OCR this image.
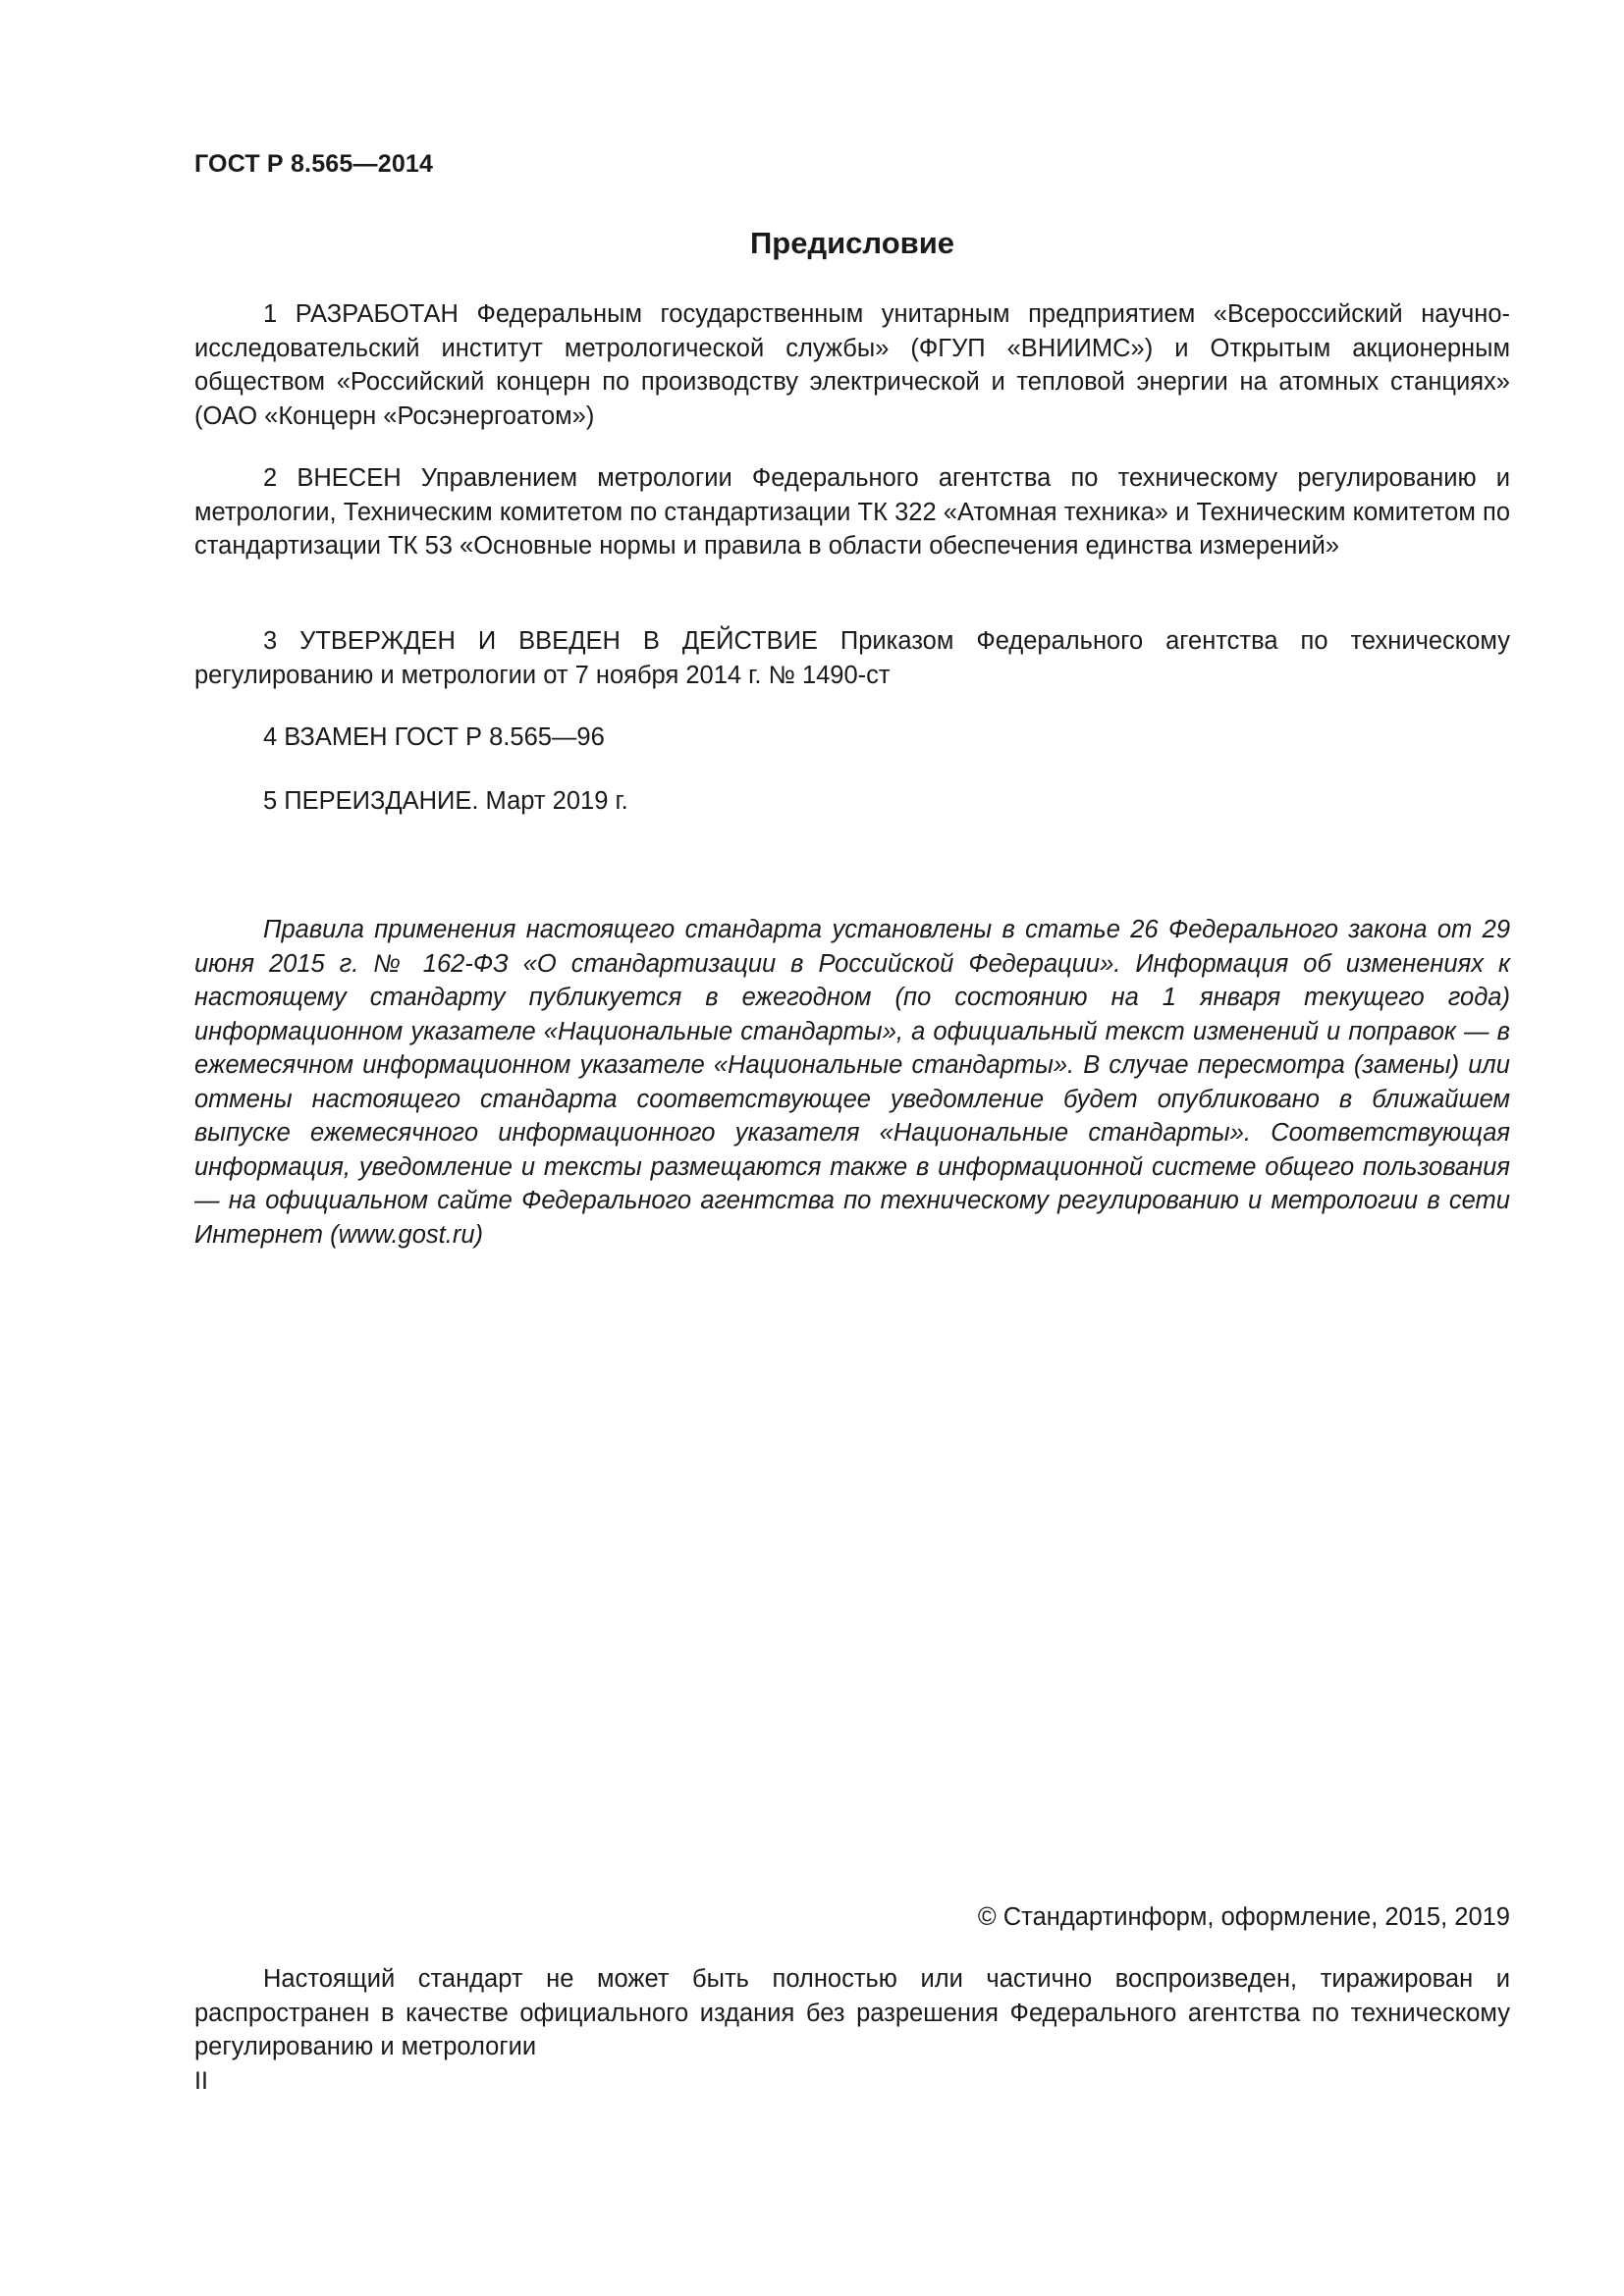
ГОСТ Р 8.565—2014
Предисловие

1 РАЗРАБОТАН Федеральным государственным унитарным предприятием «Всероссийский научно-исследовательский институт метрологической службы» (ФГУП «ВНИИМС») и Открытым акционерным обществом «Российский концерн по производству электрической и тепловой энергии на атомных станциях» (ОАО «Концерн «Росэнергоатом»)

2 ВНЕСЕН Управлением метрологии Федерального агентства по техническому регулированию и метрологии, Техническим комитетом по стандартизации ТК 322 «Атомная техника» и Техническим комитетом по стандартизации ТК 53 «Основные нормы и правила в области обеспечения единства измерений»

3 УТВЕРЖДЕН И ВВЕДЕН В ДЕЙСТВИЕ Приказом Федерального агентства по техническому регулированию и метрологии от 7 ноября 2014 г. № 1490-ст

4 ВЗАМЕН ГОСТ Р 8.565—96

5 ПЕРЕИЗДАНИЕ. Март 2019 г.

Правила применения настоящего стандарта установлены в статье 26 Федерального закона от 29 июня 2015 г. № 162-ФЗ «О стандартизации в Российской Федерации». Информация об изменениях к настоящему стандарту публикуется в ежегодном (по состоянию на 1 января текущего года) информационном указателе «Национальные стандарты», а официальный текст изменений и поправок — в ежемесячном информационном указателе «Национальные стандарты». В случае пересмотра (замены) или отмены настоящего стандарта соответствующее уведомление будет опубликовано в ближайшем выпуске ежемесячного информационного указателя «Национальные стандарты». Соответствующая информация, уведомление и тексты размещаются также в информационной системе общего пользования — на официальном сайте Федерального агентства по техническому регулированию и метрологии в сети Интернет (www.gost.ru)

© Стандартинформ, оформление, 2015, 2019

Настоящий стандарт не может быть полностью или частично воспроизведен, тиражирован и распространен в качестве официального издания без разрешения Федерального агентства по техническому регулированию и метрологии

II
